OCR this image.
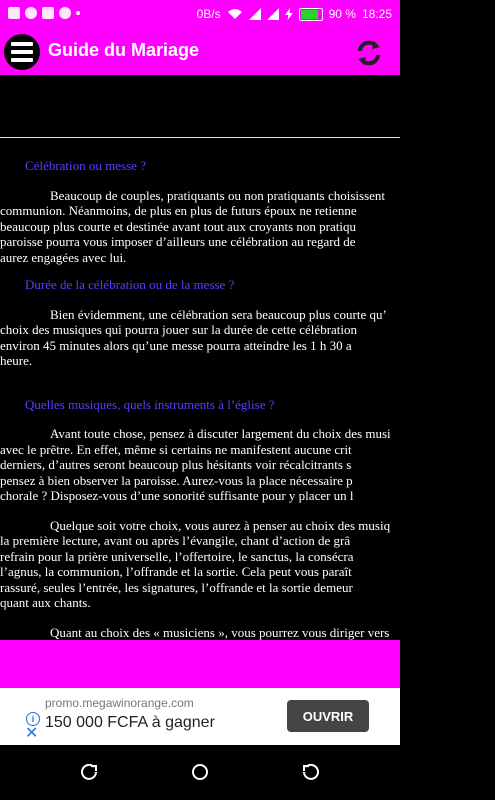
0B/s	90 % 18:25
Guide du Mariage

Célébration ou messe ?

Beaucoup de couples, pratiquants ou non pratiquants choisissent
communion. Néanmoins, de plus en plus de futurs époux ne retienne
beaucoup plus courte et destinée avant tout aux croyants non pratiqu
paroisse pourra vous imposer d’ailleurs une célébration au regard de
aurez engagées avec lui.

Durée de la célébration ou de la messe ?

Bien évidemment, une célébration sera beaucoup plus courte qu’
choix des musiques qui pourra jouer sur la durée de cette célébration
environ 45 minutes alors qu’une messe pourra atteindre les 1 h 30 a
heure.

Quelles musiques, quels instruments à l’église ?

Avant toute chose, pensez à discuter largement du choix des musi
avec le prêtre. En effet, même si certains ne manifestent aucune crit
derniers, d’autres seront beaucoup plus hésitants voir récalcitrants s
pensez à bien observer la paroisse. Aurez-vous la place nécessaire p
chorale ? Disposez-vous d’une sonorité suffisante pour y placer un l

Quelque soit votre choix, vous aurez à penser au choix des musiq
la première lecture, avant ou après l’évangile, chant d’action de grâ
refrain pour la prière universelle, l’offertoire, le sanctus, la consécra
l’agnus, la communion, l’offrande et la sortie. Cela peut vous paraît
rassuré, seules l’entrée, les signatures, l’offrande et la sortie demeur
quant aux chants.

Quant au choix des « musiciens », vous pourrez vous diriger vers

i
✕
promo.megawinorange.com
150 000 FCFA à gagner	OUVRIR
